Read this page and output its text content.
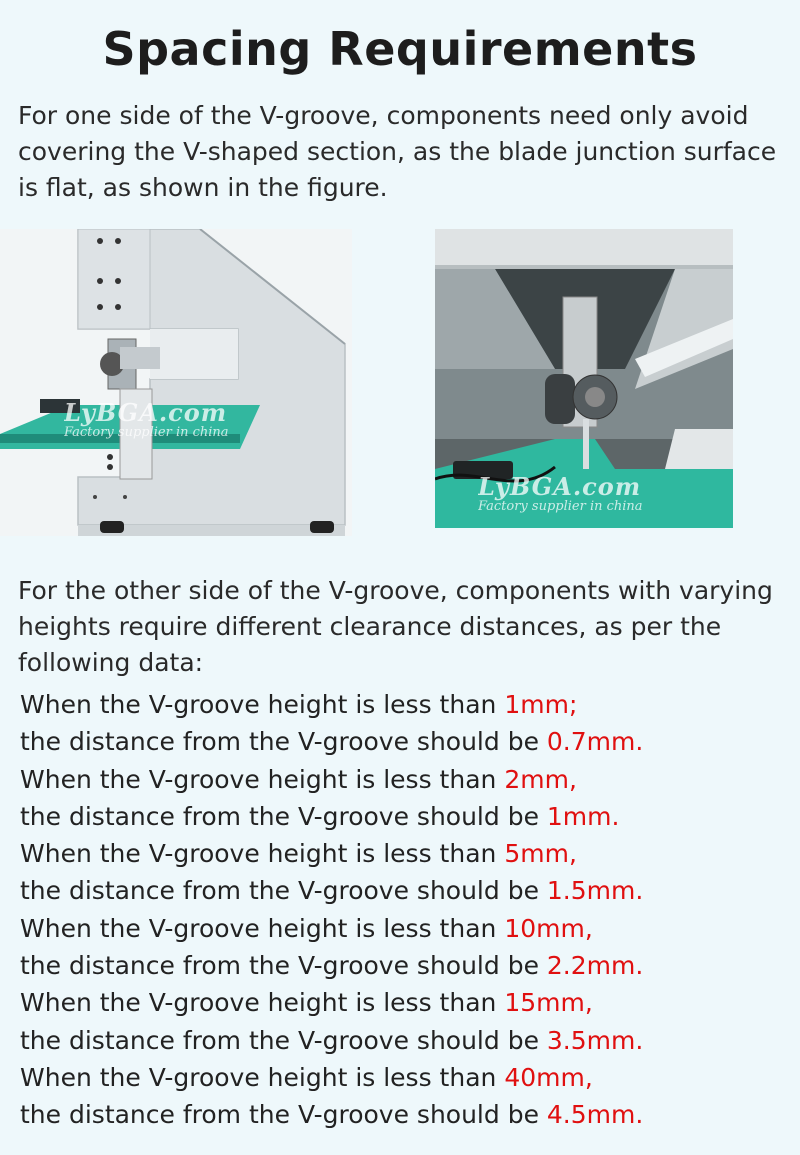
Spacing Requirements
For one side of the V-groove, components need only avoid covering the V-shaped section, as the blade junction surface is flat, as shown in the figure.
LyBGA.com
Factory supplier in china
LyBGA.com
Factory supplier in china
For the other side of the V-groove, components with varying heights require different clearance distances, as per the following data:
When the V-groove height is less than 1mm;
the distance from the V-groove should be 0.7mm.
When the V-groove height is less than 2mm,
the distance from the V-groove should be 1mm.
When the V-groove height is less than 5mm,
the distance from the V-groove should be 1.5mm.
When the V-groove height is less than 10mm,
the distance from the V-groove should be 2.2mm.
When the V-groove height is less than 15mm,
the distance from the V-groove should be 3.5mm.
When the V-groove height is less than 40mm,
the distance from the V-groove should be 4.5mm.
